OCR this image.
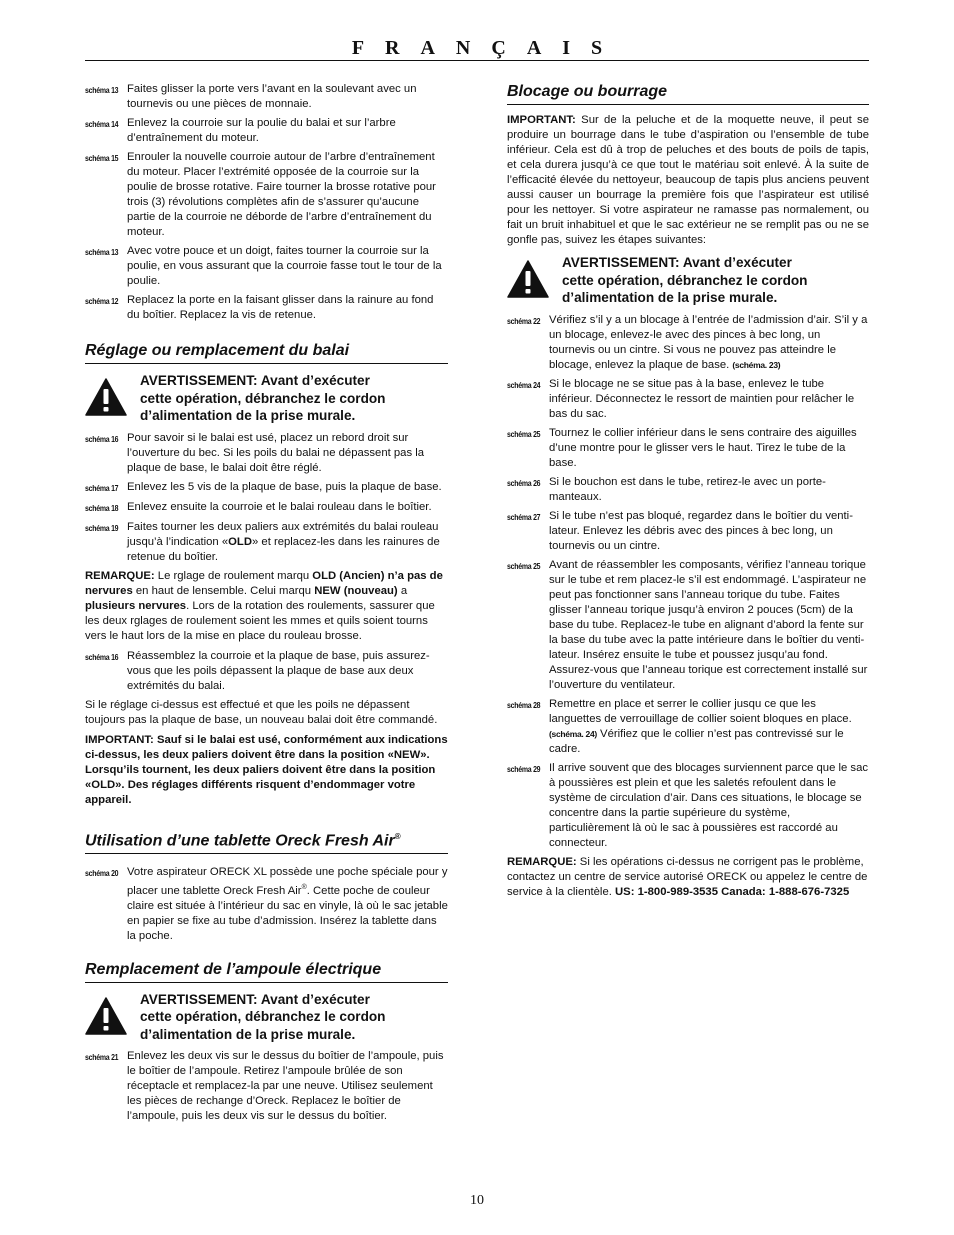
FRANÇAIS
schéma 13 Faites glisser la porte vers l’avant en la soulevant avec un tournevis ou une pièces de monnaie.
schéma 14 Enlevez la courroie sur la poulie du balai et sur l’arbre d’entraînement du moteur.
schéma 15 Enrouler la nouvelle courroie autour de l’arbre d’entraînement du moteur. Placer l’extrémité opposée de la courroie sur la poulie de brosse rotative. Faire tourner la brosse rotative pour trois (3) révolutions complètes afin de s’assurer qu’aucune partie de la courroie ne déborde de l’arbre d’entraînement du moteur.
schéma 13 Avec votre pouce et un doigt, faites tourner la courroie sur la poulie, en vous assurant que la courroie fasse tout le tour de la poulie.
schéma 12 Replacez la porte en la faisant glisser dans la rainure au fond du boîtier. Replacez la vis de retenue.
Réglage ou remplacement du balai
AVERTISSEMENT: Avant d’exécuter
cette opération, débranchez le cordon
d’alimentation de la prise murale.
schéma 16 Pour savoir si le balai est usé, placez un rebord droit sur l’ouverture du bec. Si les poils du balai ne dépassent pas la plaque de base, le balai doit être réglé.
schéma 17 Enlevez les 5 vis de la plaque de base, puis la plaque de base.
schéma 18 Enlevez ensuite la courroie et le balai rouleau dans le boîtier.
schéma 19 Faites tourner les deux paliers aux extrémités du balai rouleau jusqu’à l’indication «OLD» et replacez-les dans les rainures de retenue du boîtier.
REMARQUE: Le rglage de roulement marqu OLD (Ancien) n’a pas de nervures en haut de lensemble. Celui marqu NEW (nouveau) a plusieurs nervures. Lors de la rotation des roulements, sassurer que les deux rglages de roulement soient les mmes et quils soient tourns vers le haut lors de la mise en place du rouleau brosse.
schéma 16 Réassemblez la courroie et la plaque de base, puis assurez-vous que les poils dépassent la plaque de base aux deux extrémités du balai.
Si le réglage ci-dessus est effectué et que les poils ne dépassent toujours pas la plaque de base, un nouveau balai doit être commandé.
IMPORTANT: Sauf si le balai est usé, conformément aux indications ci-dessus, les deux paliers doivent être dans la position «NEW». Lorsqu’ils tournent, les deux paliers doivent être dans la position «OLD». Des réglages différents risquent d’endommager votre appareil.
Utilisation d’une tablette Oreck Fresh Air®
schéma 20 Votre aspirateur ORECK XL possède une poche spéciale pour y placer une tablette Oreck Fresh Air®. Cette poche de couleur claire est située à l’intérieur du sac en vinyle, là où le sac jetable en papier se fixe au tube d’admission. Insérez la tablette dans la poche.
Remplacement de l’ampoule électrique
AVERTISSEMENT: Avant d’exécuter
cette opération, débranchez le cordon
d’alimentation de la prise murale.
schéma 21 Enlevez les deux vis sur le dessus du boîtier de l’ampoule, puis le boîtier de l’ampoule. Retirez l’ampoule brûlée de son réceptacle et remplacez-la par une neuve. Utilisez seulement les pièces de rechange d’Oreck. Replacez le boîtier de l’ampoule, puis les deux vis sur le dessus du boîtier.
Blocage ou bourrage
IMPORTANT: Sur de la peluche et de la moquette neuve, il peut se produire un bourrage dans le tube d’aspiration ou l’ensemble de tube inférieur. Cela est dû à trop de peluches et des bouts de poils de tapis, et cela durera jusqu’à ce que tout le matériau soit enlevé. À la suite de l’efficacité élevée du nettoyeur, beaucoup de tapis plus anciens peuvent aussi causer un bourrage la première fois que l’aspirateur est utilisé pour les nettoyer. Si votre aspirateur ne ramasse pas normalement, ou fait un bruit inhabituel et que le sac extérieur ne se remplit pas ou ne se gonfle pas, suivez les étapes suivantes:
AVERTISSEMENT: Avant d’exécuter
cette opération, débranchez le cordon
d’alimentation de la prise murale.
schéma 22 Vérifiez s’il y a un blocage à l’entrée de l’admission d’air. S’il y a un blocage, enlevez-le avec des pinces à bec long, un tournevis ou un cintre. Si vous ne pouvez pas atteindre le blocage, enlevez la plaque de base. (schéma. 23)
schéma 24 Si le blocage ne se situe pas à la base, enlevez le tube inférieur. Déconnectez le ressort de maintien pour relâcher le bas du sac.
schéma 25 Tournez le collier inférieur dans le sens contraire des aiguilles d’une montre pour le glisser vers le haut. Tirez le tube de la base.
schéma 26 Si le bouchon est dans le tube, retirez-le avec un porte-manteaux.
schéma 27 Si le tube n’est pas bloqué, regardez dans le boîtier du venti-lateur. Enlevez les débris avec des pinces à bec long, un tournevis ou un cintre.
schéma 25 Avant de réassembler les composants, vérifiez l’anneau torique sur le tube et rem placez-le s’il est endommagé. L’aspirateur ne peut pas fonctionner sans l’anneau torique du tube. Faites glisser l’anneau torique jusqu’à environ 2 pouces (5cm) de la base du tube. Replacez-le tube en alignant d’abord la fente sur la base du tube avec la patte intérieure dans le boîtier du venti-lateur. Insérez ensuite le tube et poussez jusqu’au fond. Assurez-vous que l’anneau torique est correctement installé sur l’ouverture du ventilateur.
schéma 28 Remettre en place et serrer le collier jusqu ce que les languettes de verrouillage de collier soient bloques en place. (schéma. 24) Vérifiez que le collier n’est pas contrevissé sur le cadre.
schéma 29 Il arrive souvent que des blocages surviennent parce que le sac à poussières est plein et que les saletés refoulent dans le système de circulation d’air. Dans ces situations, le blocage se concentre dans la partie supérieure du système, particulièrement là où le sac à poussières est raccordé au connecteur.
REMARQUE: Si les opérations ci-dessus ne corrigent pas le problème, contactez un centre de service autorisé ORECK ou appelez le centre de service à la clientèle. US: 1-800-989-3535 Canada: 1-888-676-7325
10
